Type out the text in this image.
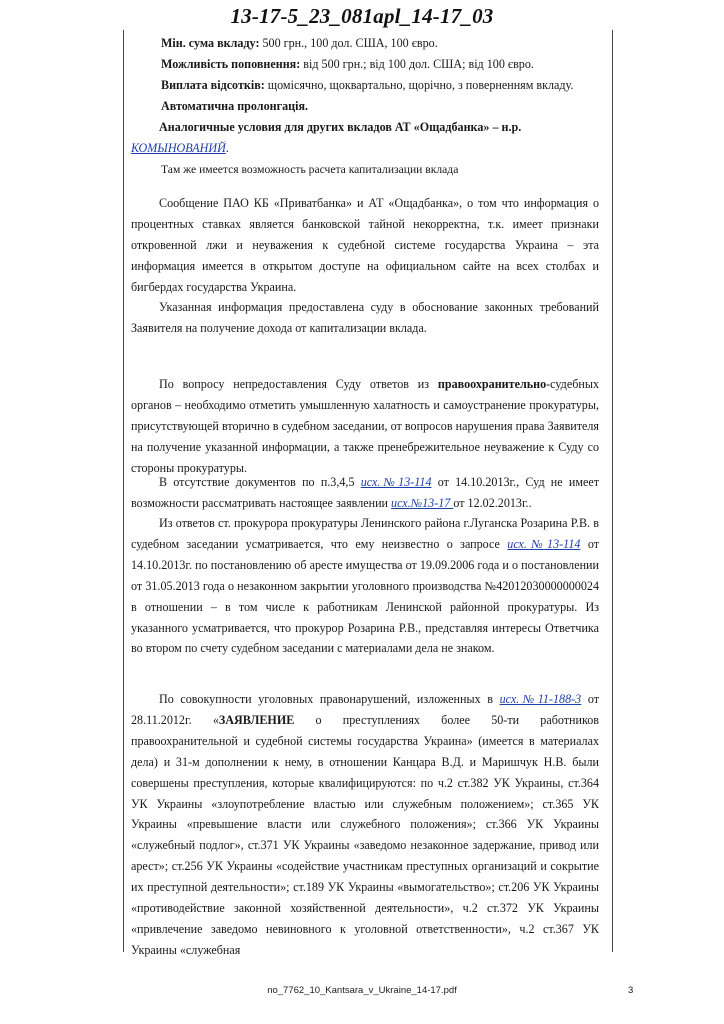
13-17-5_23_081apl_14-17_03
Мін. сума вкладу: 500 грн., 100 дол. США, 100 євро.
Можливість поповнення: від 500 грн.; від 100 дол. США; від 100 євро.
Виплата відсотків: щомісячно, щоквартально, щорічно, з поверненням вкладу.
Автоматична пролонгація.

Аналогичные условия для других вкладов АТ «Ощадбанка» – н.р.
КОМЫНОВАНИЙ.

Там же имеется возможность расчета капитализации вклада

Сообщение ПАО КБ «Приватбанка» и АТ «Ощадбанка», о том что информация о процентных ставках является банковской тайной некорректна, т.к. имеет признаки откровенной лжи и неуважения к судебной системе государства Украина – эта информация имеется в открытом доступе на официальном сайте на всех столбах и бигбердах государства Украина.

Указанная информация предоставлена суду в обоснование законных требований Заявителя на получение дохода от капитализации вклада.

По вопросу непредоставления Суду ответов из правоохранительно-судебных органов – необходимо отметить умышленную халатность и самоустранение прокуратуры, присутствующей вторично в судебном заседании, от вопросов нарушения права Заявителя на получение указанной информации, а также пренебрежительное неуважение к Суду со стороны прокуратуры.

В отсутствие документов по п.3,4,5 исх.№13-114 от 14.10.2013г., Суд не имеет возможности рассматривать настоящее заявлении исх.№13-17 от 12.02.2013г..

Из ответов ст. прокурора прокуратуры Ленинского района г.Луганска Розарина Р.В. в судебном заседании усматривается, что ему неизвестно о запросе исх.№13-114 от 14.10.2013г. по постановлению об аресте имущества от 19.09.2006 года и о постановлении от 31.05.2013 года о незаконном закрытии уголовного производства №42012030000000024 в отношении – в том числе к работникам Ленинской районной прокуратуры. Из указанного усматривается, что прокурор Розарина Р.В., представляя интересы Ответчика во втором по счету судебном заседании с материалами дела не знаком.

По совокупности уголовных правонарушений, изложенных в исх.№11-188-3 от 28.11.2012г. «ЗАЯВЛЕНИЕ о преступлениях более 50-ти работников правоохранительной и судебной системы государства Украина» (имеется в материалах дела) и 31-м дополнении к нему, в отношении Канцара В.Д. и Маришчук Н.В. были совершены преступления, которые квалифицируются: по ч.2 ст.382 УК Украины, ст.364 УК Украины «злоупотребление властью или служебным положением»; ст.365 УК Украины «превышение власти или служебного положения»; ст.366 УК Украины «служебный подлог», ст.371 УК Украины «заведомо незаконное задержание, привод или арест»; ст.256 УК Украины «содействие участникам преступных организаций и сокрытие их преступной деятельности»; ст.189 УК Украины «вымогательство»; ст.206 УК Украины «противодействие законной хозяйственной деятельности», ч.2 ст.372 УК Украины «привлечение заведомо невиновного к уголовной ответственности», ч.2 ст.367 УК Украины «служебная

no_7762_10_Kantsara_v_Ukraine_14-17.pdf	3
